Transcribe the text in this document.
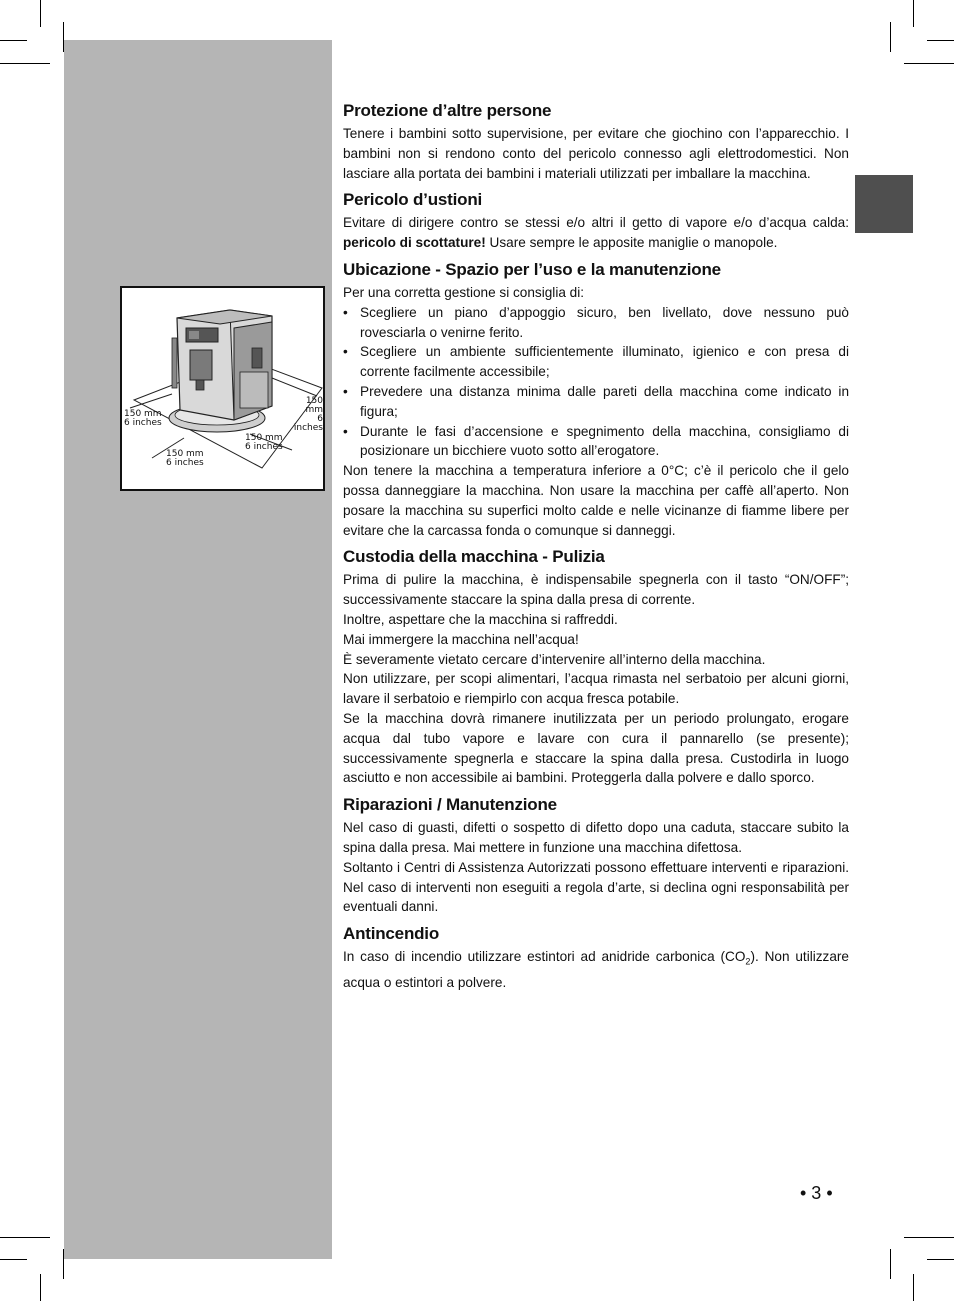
150 mm
6 inches
150 mm
6 inches
150 mm
6 inches
150 mm
6 inches
Protezione d’altre persone

Tenere i bambini sotto supervisione, per evitare che giochino con l’apparecchio. I bambini non si rendono conto del pericolo connesso agli elettrodomestici. Non lasciare alla portata dei bambini i materiali utilizzati per imballare la macchina.

Pericolo d’ustioni

Evitare di dirigere contro se stessi e/o altri il getto di vapore e/o d’acqua calda: pericolo di scottature! Usare sempre le apposite maniglie o manopole.

Ubicazione - Spazio per l’uso e la manutenzione

Per una corretta gestione si consiglia di:

• Scegliere un piano d’appoggio sicuro, ben livellato, dove nessuno può rovesciarla o venirne ferito.
• Scegliere un ambiente sufficientemente illuminato, igienico e con presa di corrente facilmente accessibile;
• Prevedere una distanza minima dalle pareti della macchina come indicato in figura;
• Durante le fasi d’accensione e spegnimento della macchina, consigliamo di posizionare un bicchiere vuoto sotto all’erogatore.

Non tenere la macchina a temperatura inferiore a 0°C; c’è il pericolo che il gelo possa danneggiare la macchina. Non usare la macchina per caffè all’aperto. Non posare la macchina su superfici molto calde e nelle vicinanze di fiamme libere per evitare che la carcassa fonda o comunque si danneggi.

Custodia della macchina - Pulizia

Prima di pulire la macchina, è indispensabile spegnerla con il tasto “ON/OFF”; successivamente staccare la spina dalla presa di corrente.

Inoltre, aspettare che la macchina si raffreddi.

Mai immergere la macchina nell’acqua!

È severamente vietato cercare d’intervenire all’interno della macchina.

Non utilizzare, per scopi alimentari, l’acqua rimasta nel serbatoio per alcuni giorni, lavare il serbatoio e riempirlo con acqua fresca potabile.

Se la macchina dovrà rimanere inutilizzata per un periodo prolungato, erogare acqua dal tubo vapore e lavare con cura il pannarello (se presente); successivamente spegnerla e staccare la spina dalla presa. Custodirla in luogo asciutto e non accessibile ai bambini. Proteggerla dalla polvere e dallo sporco.

Riparazioni / Manutenzione

Nel caso di guasti, difetti o sospetto di difetto dopo una caduta, staccare subito la spina dalla presa. Mai mettere in funzione una macchina difettosa.

Soltanto i Centri di Assistenza Autorizzati possono effettuare interventi e riparazioni. Nel caso di interventi non eseguiti a regola d’arte, si declina ogni responsabilità per eventuali danni.

Antincendio

In caso di incendio utilizzare estintori ad anidride carbonica $(CO_2)$. Non utilizzare acqua o estintori a polvere.

• 3 •
